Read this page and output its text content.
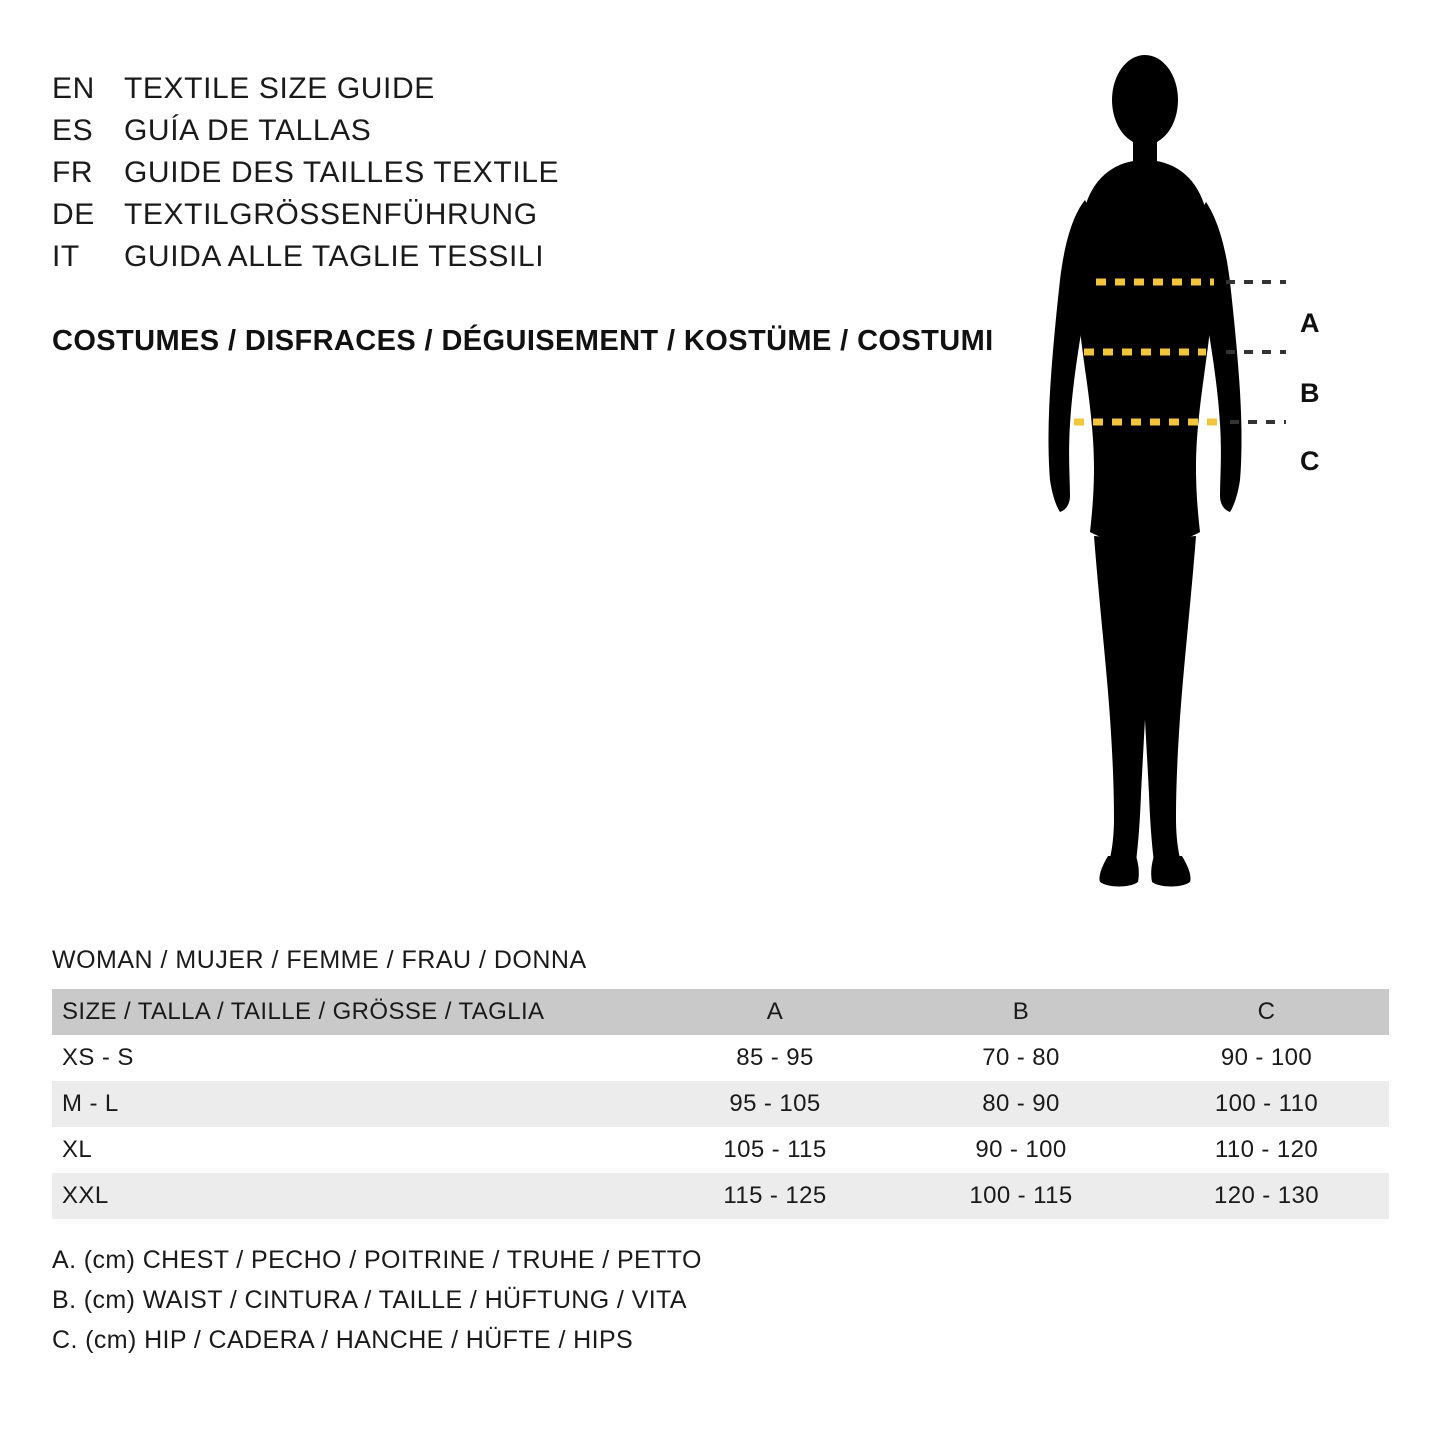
EN TEXTILE SIZE GUIDE
ES	GUÍA DE TALLAS
FR	GUIDE DES TAILLES TEXTILE
DE TEXTILGRÖSSENFÜHRUNG
IT	GUIDA ALLE TAGLIE TESSILI
COSTUMES / DISFRACES / DÉGUISEMENT / KOSTÜME / COSTUMI
A
B
C
WOMAN / MUJER / FEMME / FRAU / DONNA
SIZE / TALLA / TAILLE / GRÖSSE / TAGLIA	A	B	C
XS - S	85 - 95	70 - 80	90 - 100
M - L	95 - 105	80 - 90	100 - 110
XL	105 - 115	90 - 100	110 - 120
XXL	115 - 125	100 - 115	120 - 130
A. (cm) CHEST / PECHO / POITRINE / TRUHE / PETTO
B. (cm) WAIST / CINTURA / TAILLE / HÜFTUNG / VITA
C. (cm) HIP / CADERA / HANCHE / HÜFTE / HIPS
